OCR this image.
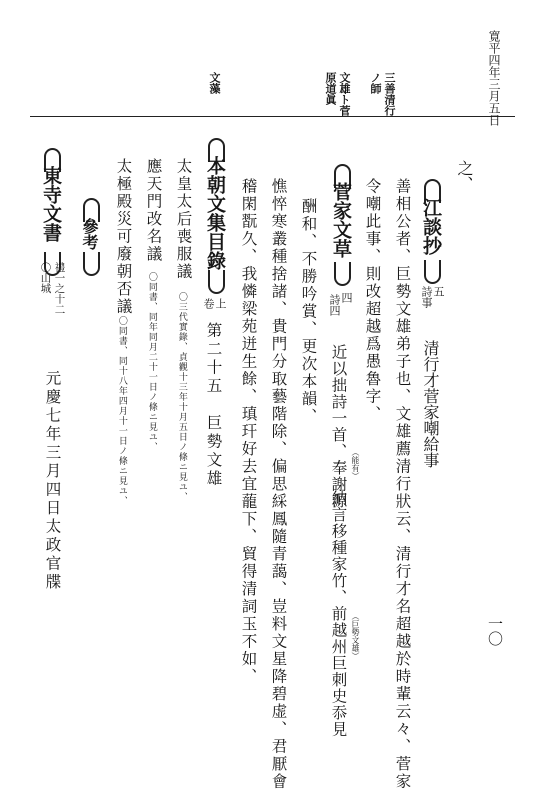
寛平四年三月五日
一〇
三善清行
ノ師
文雄ト菅
原道眞
文藻
之、
江談抄
五
詩事
清行才菅家嘲給事
善相公者、巨勢文雄弟子也、文雄薦清行狀云、清行才名超越於時輩云々、菅家
令嘲此事、則改超越爲愚魯字、
菅家文草
四
詩四
近以拙詩一首、奉謝源 （能有）
納言移種家竹、前越州巨刺史忝見 （巨勢文雄）
酬和、不勝吟賞、更次本韻、
憔悴寒叢種捨諸、貴門分取藝階除、偏思綵鳳隨青藹、豈料文星降碧虚、君厭會
稽閑翫久、我憐梁苑迸生餘、瑱玕好去宜蘢下、貿得清詞玉不如、
本朝文集目錄
上
卷
第二十五　巨勢文雄
太皇太后喪服議
〇三代實錄、貞觀十三年十月五日ノ條ニ見ユ、
應天門改名議
〇同書、同年同月二十一日ノ條ニ見ユ、
太極殿災可廢朝否議
〇同書、同十八年四月十一日ノ條ニ見ユ、
參考
東寺文書
禮一之十二
〇山城
元慶七年三月四日太政官牒
